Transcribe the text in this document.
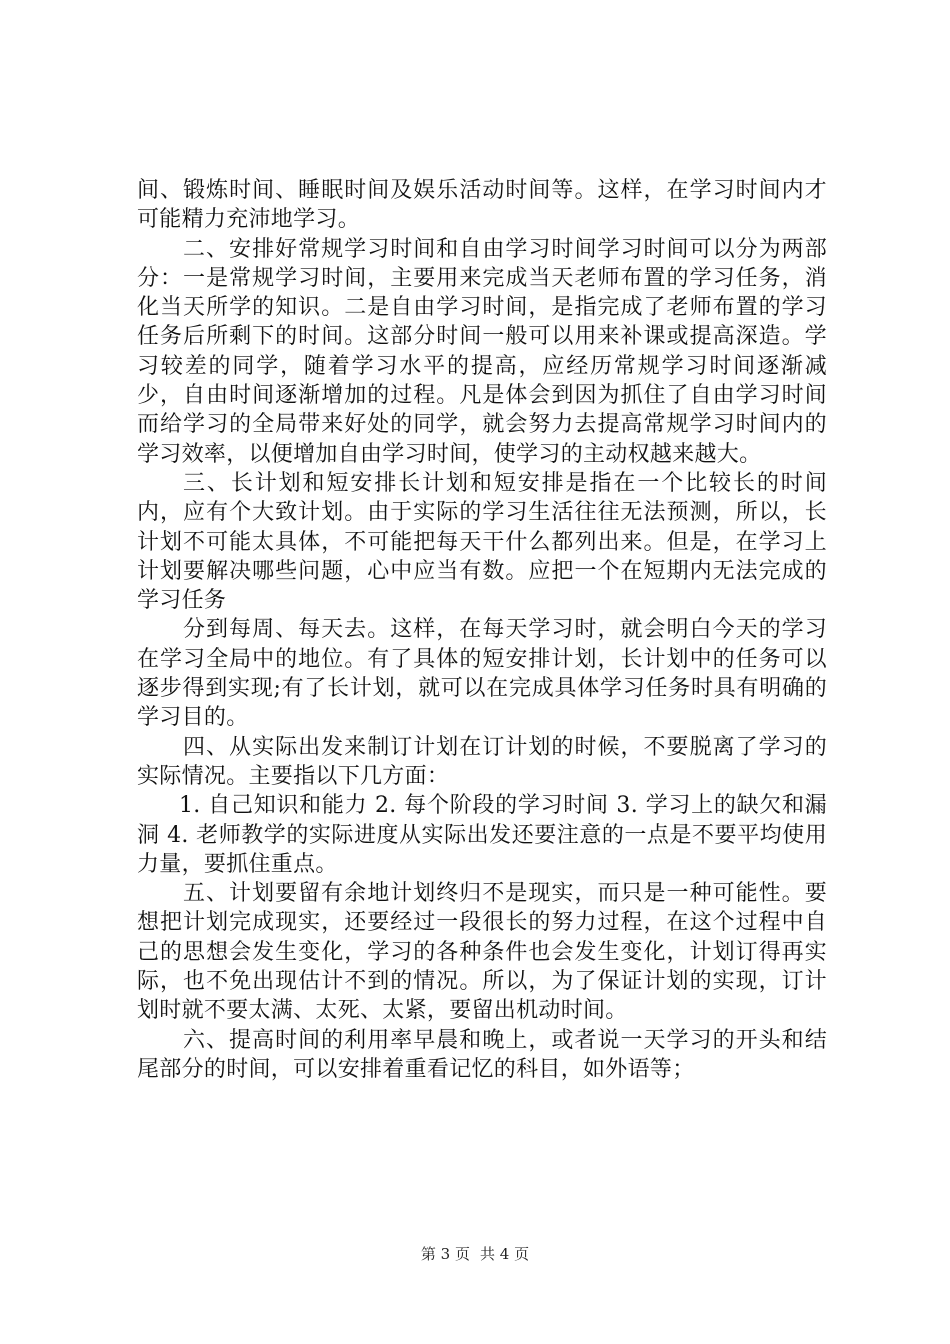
间、锻炼时间、睡眠时间及娱乐活动时间等。这样，在学习时间内才可能精力充沛地学习。

二、安排好常规学习时间和自由学习时间学习时间可以分为两部分：一是常规学习时间，主要用来完成当天老师布置的学习任务，消化当天所学的知识。二是自由学习时间，是指完成了老师布置的学习任务后所剩下的时间。这部分时间一般可以用来补课或提高深造。学习较差的同学，随着学习水平的提高，应经历常规学习时间逐渐减少，自由时间逐渐增加的过程。凡是体会到因为抓住了自由学习时间而给学习的全局带来好处的同学，就会努力去提高常规学习时间内的学习效率，以便增加自由学习时间，使学习的主动权越来越大。

三、长计划和短安排长计划和短安排是指在一个比较长的时间内，应有个大致计划。由于实际的学习生活往往无法预测，所以，长计划不可能太具体，不可能把每天干什么都列出来。但是，在学习上计划要解决哪些问题，心中应当有数。应把一个在短期内无法完成的学习任务

分到每周、每天去。这样，在每天学习时，就会明白今天的学习在学习全局中的地位。有了具体的短安排计划，长计划中的任务可以逐步得到实现;有了长计划，就可以在完成具体学习任务时具有明确的学习目的。

四、从实际出发来制订计划在订计划的时候，不要脱离了学习的实际情况。主要指以下几方面：

1. 自己知识和能力 2. 每个阶段的学习时间 3. 学习上的缺欠和漏洞 4. 老师教学的实际进度从实际出发还要注意的一点是不要平均使用力量，要抓住重点。

五、计划要留有余地计划终归不是现实，而只是一种可能性。要想把计划完成现实，还要经过一段很长的努力过程，在这个过程中自己的思想会发生变化，学习的各种条件也会发生变化，计划订得再实际，也不免出现估计不到的情况。所以，为了保证计划的实现，订计划时就不要太满、太死、太紧，要留出机动时间。

六、提高时间的利用率早晨和晚上，或者说一天学习的开头和结尾部分的时间，可以安排着重看记忆的科目，如外语等；

第 3 页 共 4 页
